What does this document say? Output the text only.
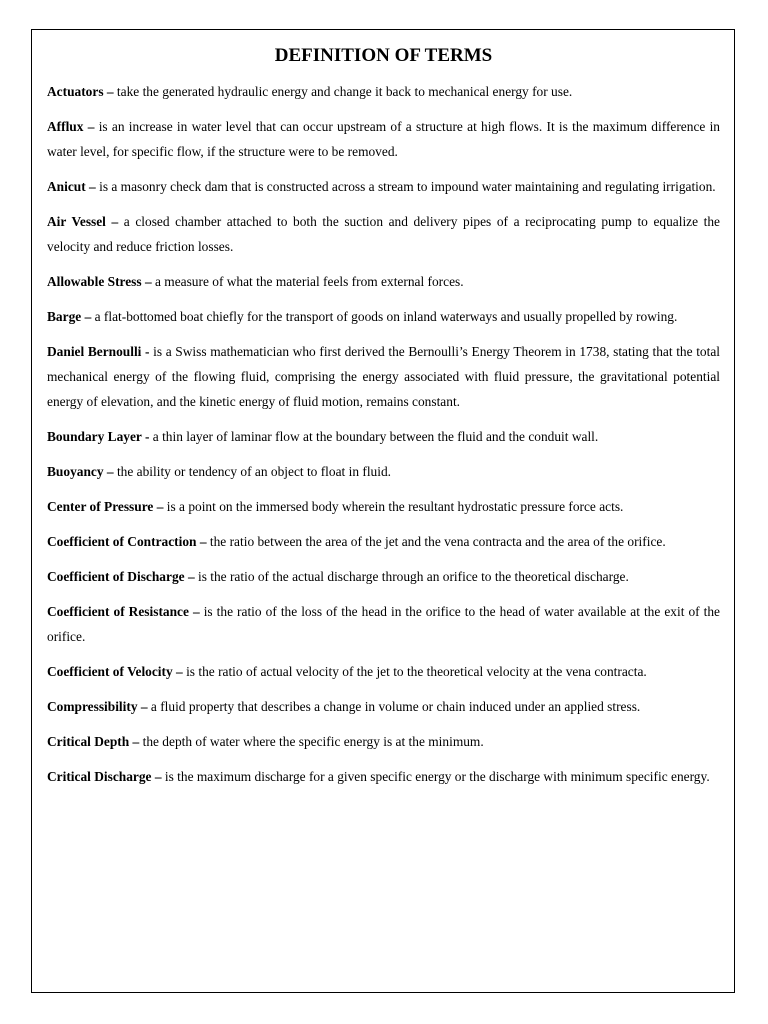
DEFINITION OF TERMS

Actuators – take the generated hydraulic energy and change it back to mechanical energy for use.

Afflux – is an increase in water level that can occur upstream of a structure at high flows. It is the maximum difference in water level, for specific flow, if the structure were to be removed.

Anicut – is a masonry check dam that is constructed across a stream to impound water maintaining and regulating irrigation.

Air Vessel – a closed chamber attached to both the suction and delivery pipes of a reciprocating pump to equalize the velocity and reduce friction losses.

Allowable Stress – a measure of what the material feels from external forces.

Barge – a flat-bottomed boat chiefly for the transport of goods on inland waterways and usually propelled by rowing.

Daniel Bernoulli - is a Swiss mathematician who first derived the Bernoulli’s Energy Theorem in 1738, stating that the total mechanical energy of the flowing fluid, comprising the energy associated with fluid pressure, the gravitational potential energy of elevation, and the kinetic energy of fluid motion, remains constant.

Boundary Layer - a thin layer of laminar flow at the boundary between the fluid and the conduit wall.

Buoyancy – the ability or tendency of an object to float in fluid.

Center of Pressure – is a point on the immersed body wherein the resultant hydrostatic pressure force acts.

Coefficient of Contraction – the ratio between the area of the jet and the vena contracta and the area of the orifice.

Coefficient of Discharge – is the ratio of the actual discharge through an orifice to the theoretical discharge.

Coefficient of Resistance – is the ratio of the loss of the head in the orifice to the head of water available at the exit of the orifice.

Coefficient of Velocity – is the ratio of actual velocity of the jet to the theoretical velocity at the vena contracta.

Compressibility – a fluid property that describes a change in volume or chain induced under an applied stress.

Critical Depth – the depth of water where the specific energy is at the minimum.

Critical Discharge – is the maximum discharge for a given specific energy or the discharge with minimum specific energy.
